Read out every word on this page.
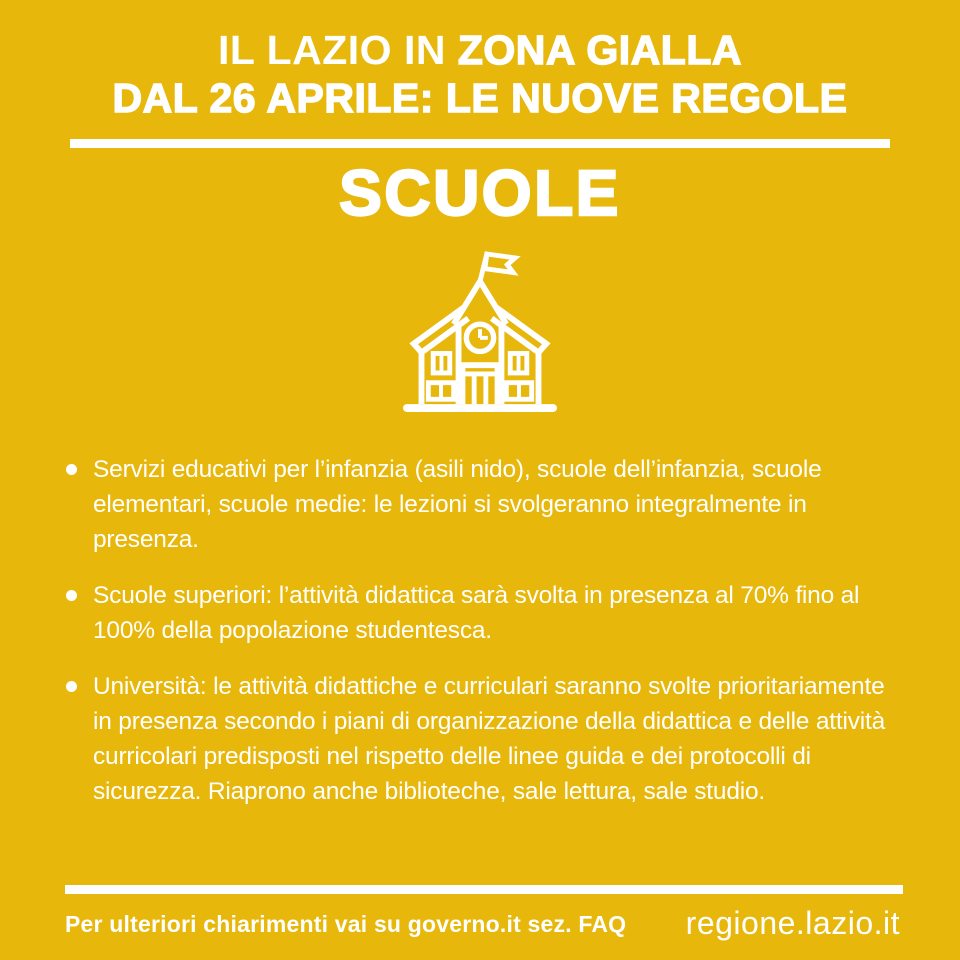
IL LAZIO IN ZONA GIALLA
DAL 26 APRILE: LE NUOVE REGOLE
SCUOLE
Servizi educativi per l’infanzia (asili nido), scuole dell’infanzia, scuole elementari, scuole medie: le lezioni si svolgeranno integralmente in presenza.
Scuole superiori: l’attività didattica sarà svolta in presenza al 70% fino al 100% della popolazione studentesca.
Università: le attività didattiche e curriculari saranno svolte prioritariamente in presenza secondo i piani di organizzazione della didattica e delle attività curricolari predisposti nel rispetto delle linee guida e dei protocolli di sicurezza. Riaprono anche biblioteche, sale lettura, sale studio.
Per ulteriori chiarimenti vai su governo.it sez. FAQ regione.lazio.it
